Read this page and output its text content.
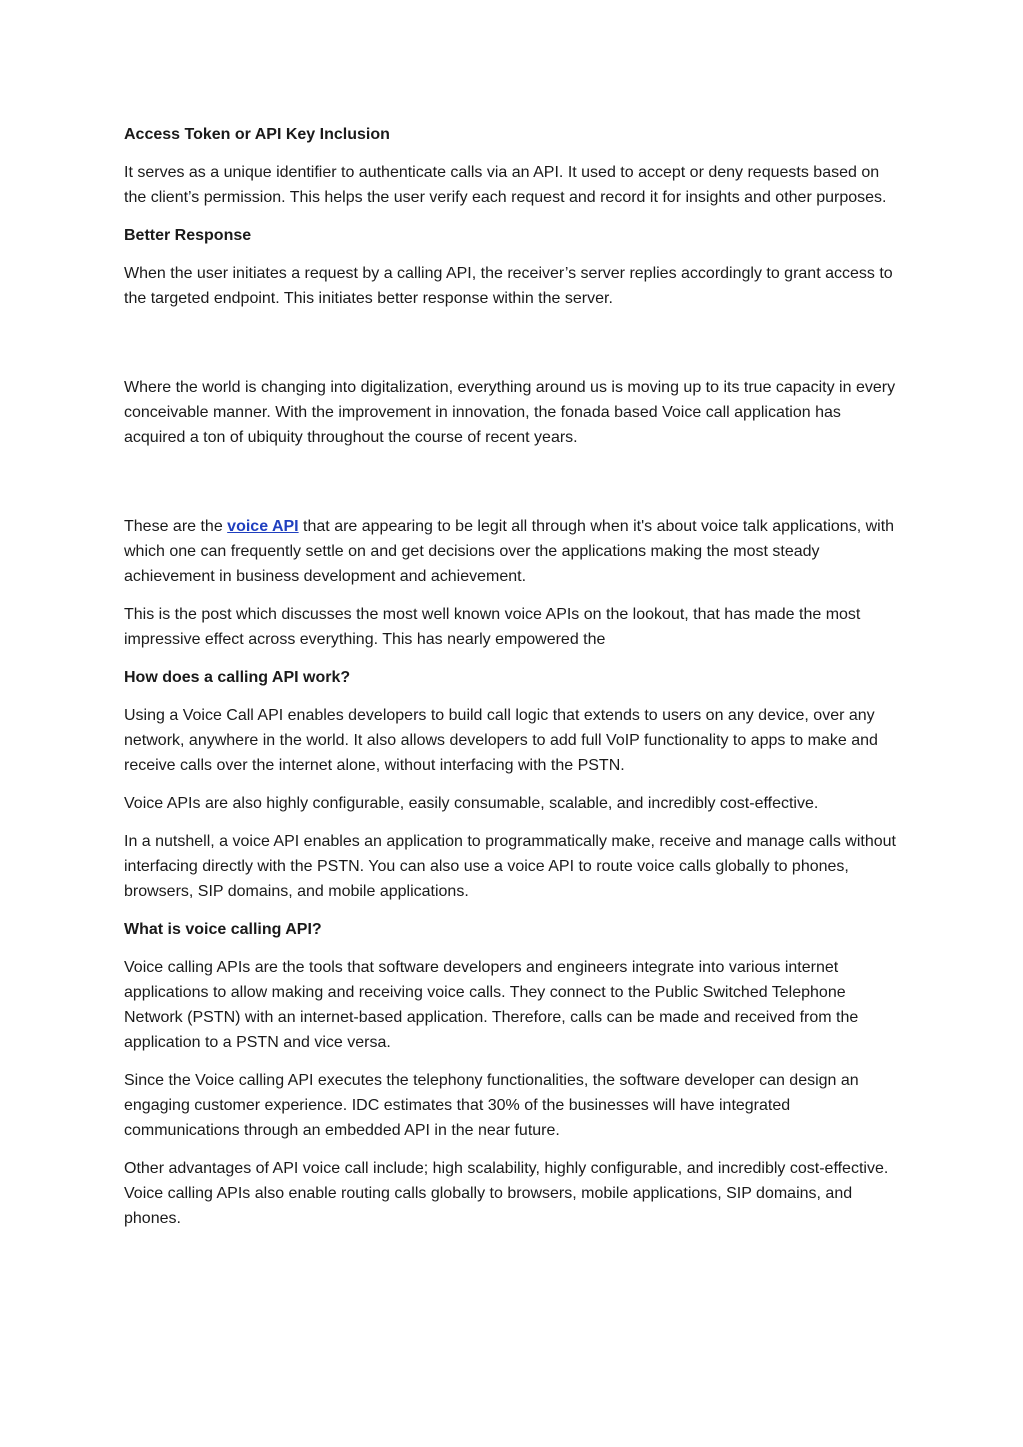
Access Token or API Key Inclusion
It serves as a unique identifier to authenticate calls via an API. It used to accept or deny requests based on the client’s permission. This helps the user verify each request and record it for insights and other purposes.
Better Response
When the user initiates a request by a calling API, the receiver’s server replies accordingly to grant access to the targeted endpoint. This initiates better response within the server.
Where the world is changing into digitalization, everything around us is moving up to its true capacity in every conceivable manner. With the improvement in innovation, the fonada based Voice call application has acquired a ton of ubiquity throughout the course of recent years.
These are the voice API that are appearing to be legit all through when it's about voice talk applications, with which one can frequently settle on and get decisions over the applications making the most steady achievement in business development and achievement.
This is the post which discusses the most well known voice APIs on the lookout, that has made the most impressive effect across everything. This has nearly empowered the
How does a calling API work?
Using a Voice Call API enables developers to build call logic that extends to users on any device, over any network, anywhere in the world. It also allows developers to add full VoIP functionality to apps to make and receive calls over the internet alone, without interfacing with the PSTN.
Voice APIs are also highly configurable, easily consumable, scalable, and incredibly cost-effective.
In a nutshell, a voice API enables an application to programmatically make, receive and manage calls without interfacing directly with the PSTN. You can also use a voice API to route voice calls globally to phones, browsers, SIP domains, and mobile applications.
What is voice calling API?
Voice calling APIs are the tools that software developers and engineers integrate into various internet applications to allow making and receiving voice calls. They connect to the Public Switched Telephone Network (PSTN) with an internet-based application. Therefore, calls can be made and received from the application to a PSTN and vice versa.
Since the Voice calling API executes the telephony functionalities, the software developer can design an engaging customer experience. IDC estimates that 30% of the businesses will have integrated communications through an embedded API in the near future.
Other advantages of API voice call include; high scalability, highly configurable, and incredibly cost-effective. Voice calling APIs also enable routing calls globally to browsers, mobile applications, SIP domains, and phones.
